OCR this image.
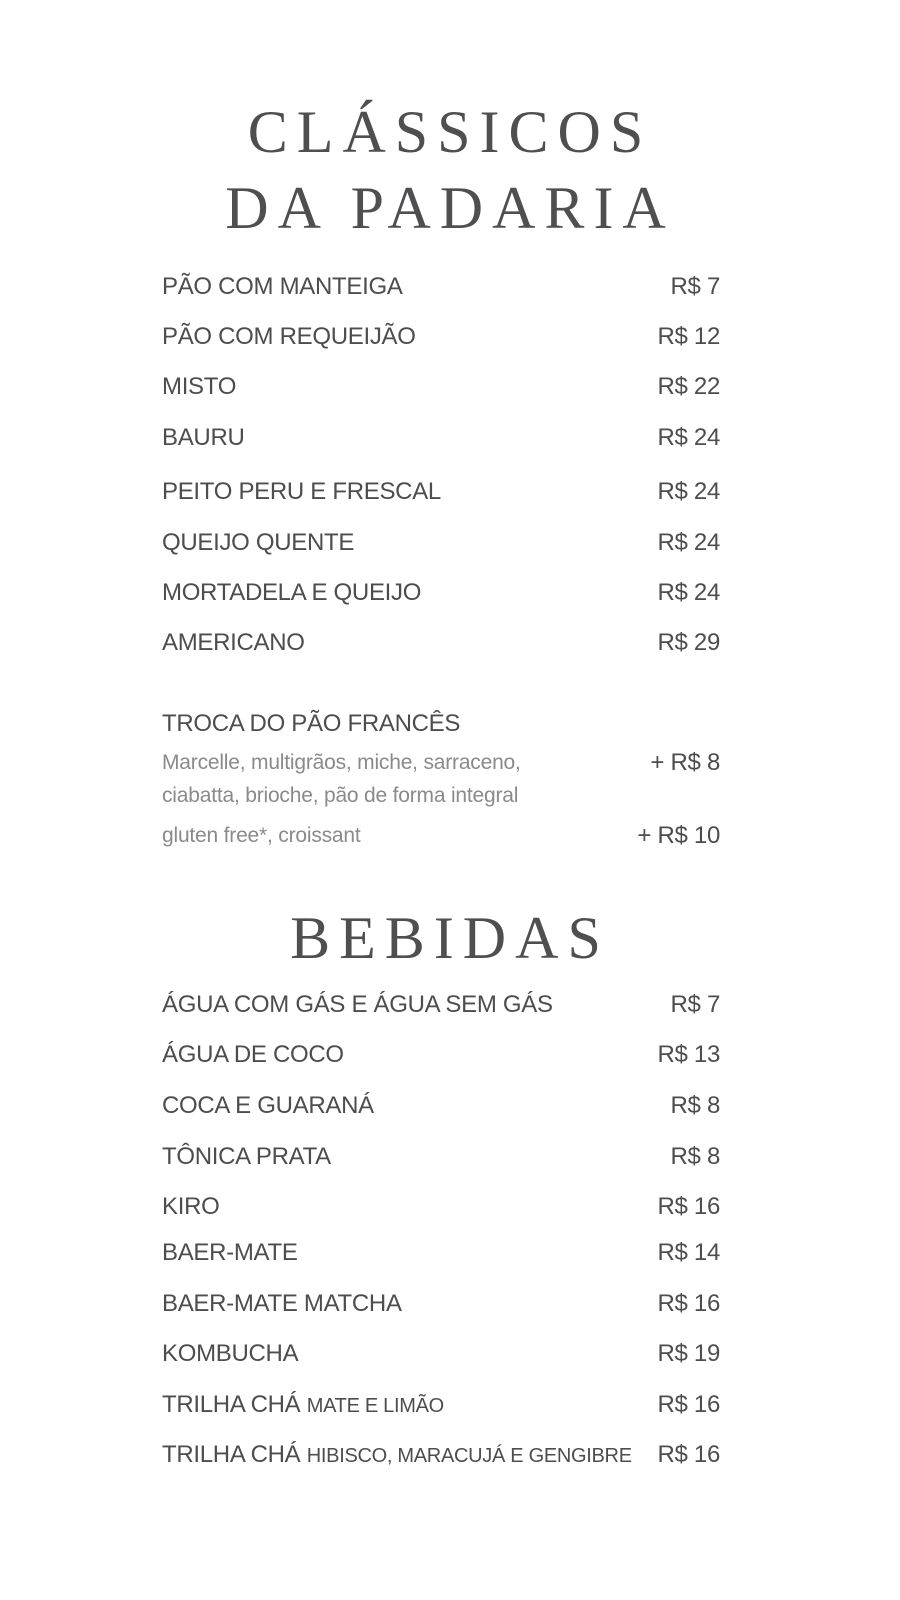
CLÁSSICOS
DA PADARIA
PÃO COM MANTEIGA	R$ 7
PÃO COM REQUEIJÃO	R$ 12
MISTO	R$ 22
BAURU	R$ 24
PEITO PERU E FRESCAL	R$ 24
QUEIJO QUENTE	R$ 24
MORTADELA E QUEIJO	R$ 24
AMERICANO	R$ 29
TROCA DO PÃO FRANCÊS
Marcelle, multigrãos, miche, sarraceno,
ciabatta, brioche, pão de forma integral
+ R$ 8
gluten free*, croissant	+ R$ 10
BEBIDAS
ÁGUA COM GÁS E ÁGUA SEM GÁS	R$ 7
ÁGUA DE COCO	R$ 13
COCA E GUARANÁ	R$ 8
TÔNICA PRATA	R$ 8
KIRO	R$ 16
BAER-MATE	R$ 14
BAER-MATE MATCHA	R$ 16
KOMBUCHA	R$ 19
TRILHA CHÁ MATE E LIMÃO	R$ 16
TRILHA CHÁ HIBISCO, MARACUJÁ E GENGIBRE R$ 16
